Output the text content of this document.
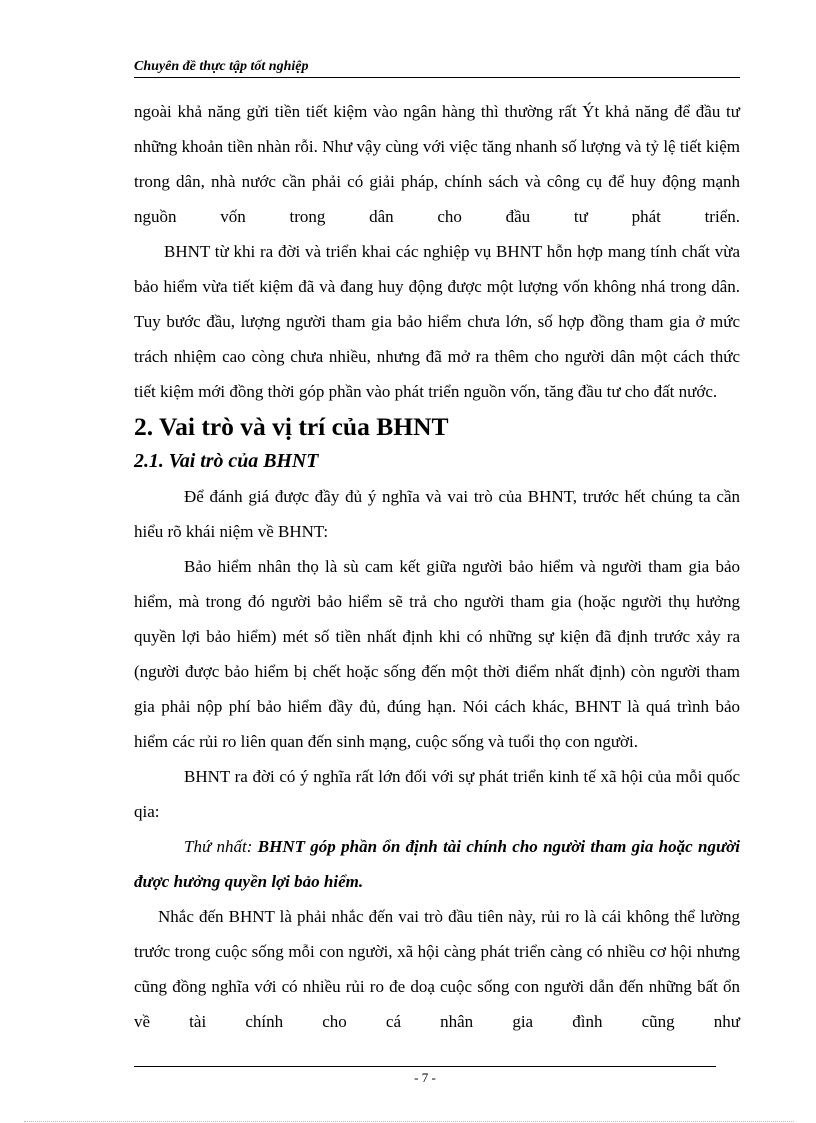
Chuyên đề thực tập tốt nghiệp

ngoài khả năng gửi tiền tiết kiệm vào ngân hàng thì thường rất Ýt khả năng để đầu tư những khoản tiền nhàn rỗi. Như vậy cùng với việc tăng nhanh số lượng và tỷ lệ tiết kiệm trong dân, nhà nước cần phải có giải pháp, chính sách và công cụ để huy động mạnh nguồn vốn trong dân cho đầu tư phát triển.

BHNT từ khi ra đời và triển khai các nghiệp vụ BHNT hỗn hợp mang tính chất vừa bảo hiểm vừa tiết kiệm đã và đang huy động được một lượng vốn không nhá trong dân. Tuy bước đầu, lượng người tham gia bảo hiểm chưa lớn, số hợp đồng tham gia ở mức trách nhiệm cao còng chưa nhiều, nhưng đã mở ra thêm cho người dân một cách thức tiết kiệm mới đồng thời góp phần vào phát triển nguồn vốn, tăng đầu tư cho đất nước.

2. Vai trò và vị trí của BHNT
2.1. Vai trò của BHNT

Để đánh giá được đầy đủ ý nghĩa và vai trò của BHNT, trước hết chúng ta cần hiểu rõ khái niệm về BHNT:

Bảo hiểm nhân thọ là sù cam kết giữa người bảo hiểm và người tham gia bảo hiểm, mà trong đó người bảo hiểm sẽ trả cho người tham gia (hoặc người thụ hưởng quyền lợi bảo hiểm) mét số tiền nhất định khi có những sự kiện đã định trước xảy ra (người được bảo hiểm bị chết hoặc sống đến một thời điểm nhất định) còn người tham gia phải nộp phí bảo hiểm đầy đủ, đúng hạn. Nói cách khác, BHNT là quá trình bảo hiểm các rủi ro liên quan đến sinh mạng, cuộc sống và tuổi thọ con người.

BHNT ra đời có ý nghĩa rất lớn đối với sự phát triển kinh tế xã hội của mỗi quốc qia:

Thứ nhất: BHNT góp phần ổn định tài chính cho người tham gia hoặc người được hưởng quyền lợi bảo hiểm.

Nhắc đến BHNT là phải nhắc đến vai trò đầu tiên này, rủi ro là cái không thể lường trước trong cuộc sống mỗi con người, xã hội càng phát triển càng có nhiều cơ hội nhưng cũng đồng nghĩa với có nhiều rủi ro đe doạ cuộc sống con người dẫn đến những bất ổn về tài chính cho cá nhân gia đình cũng như

- 7 -
